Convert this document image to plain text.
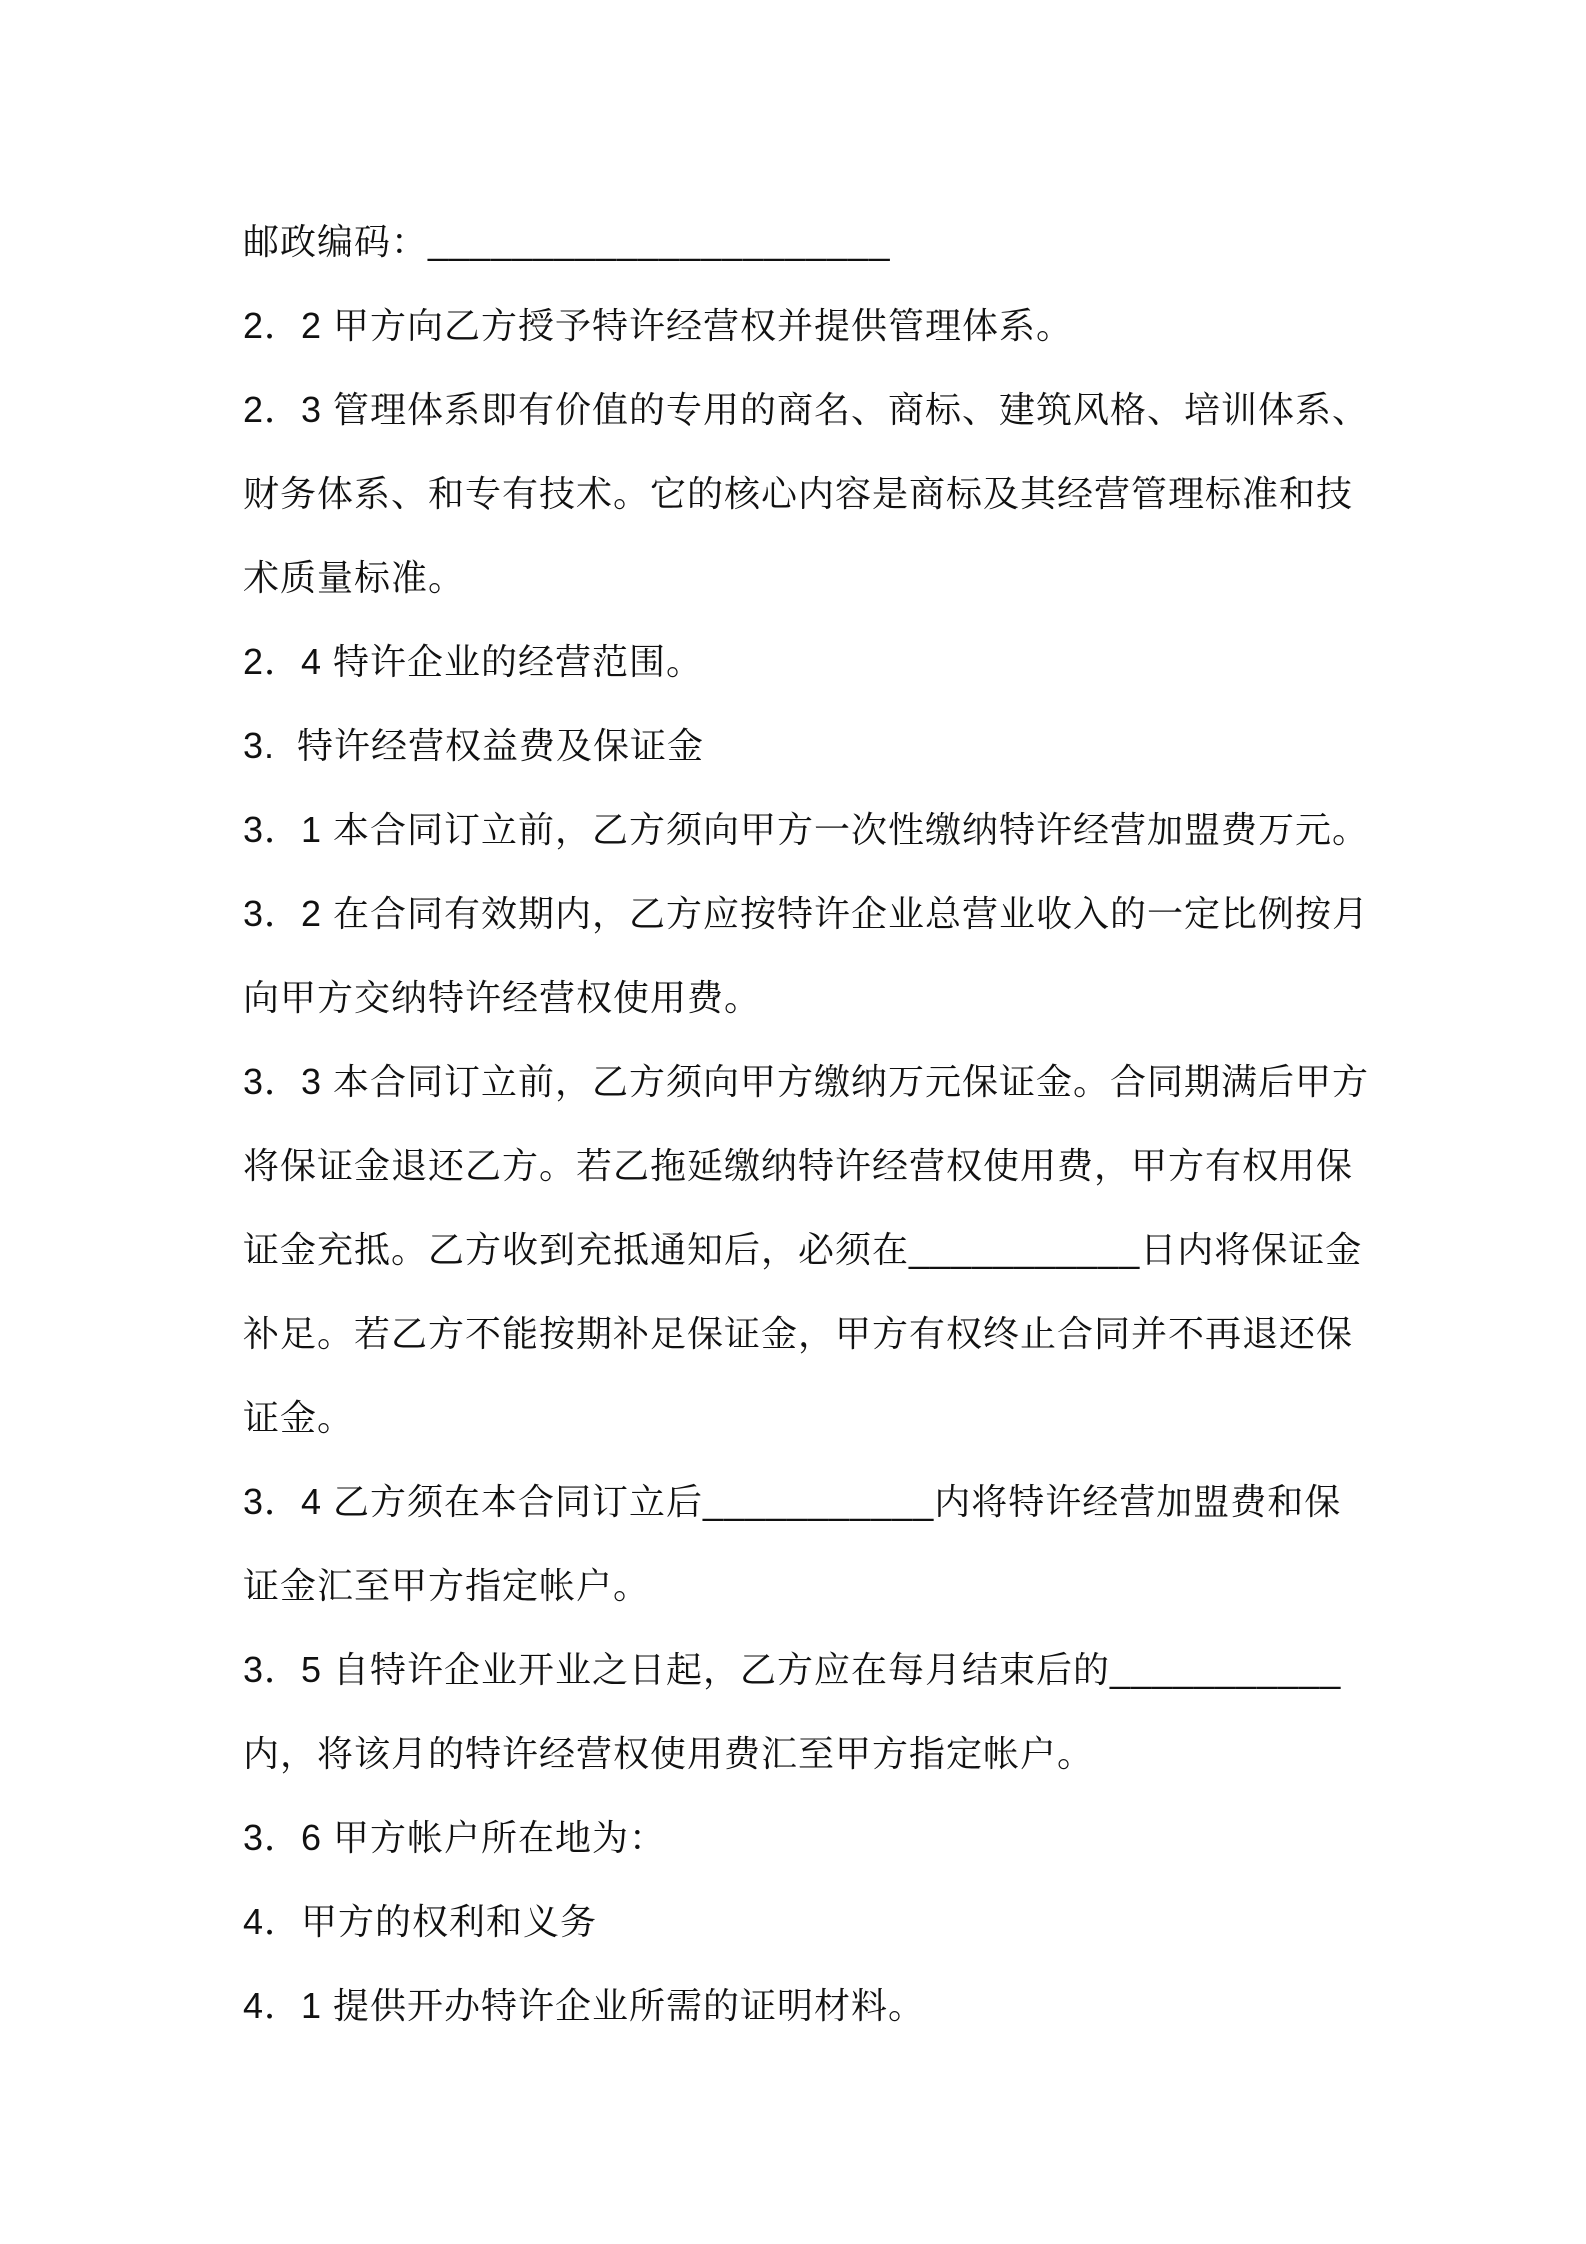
邮政编码：______________________

2．2 甲方向乙方授予特许经营权并提供管理体系。

2．3 管理体系即有价值的专用的商名、商标、建筑风格、培训体系、财务体系、和专有技术。它的核心内容是商标及其经营管理标准和技术质量标准。

2．4 特许企业的经营范围。

3.  特许经营权益费及保证金

3．1 本合同订立前，乙方须向甲方一次性缴纳特许经营加盟费万元。

3．2 在合同有效期内，乙方应按特许企业总营业收入的一定比例按月向甲方交纳特许经营权使用费。

3．3 本合同订立前，乙方须向甲方缴纳万元保证金。合同期满后甲方将保证金退还乙方。若乙拖延缴纳特许经营权使用费，甲方有权用保证金充抵。乙方收到充抵通知后，必须在___________日内将保证金补足。若乙方不能按期补足保证金，甲方有权终止合同并不再退还保证金。

3．4 乙方须在本合同订立后___________内将特许经营加盟费和保证金汇至甲方指定帐户。

3．5 自特许企业开业之日起，乙方应在每月结束后的___________内，将该月的特许经营权使用费汇至甲方指定帐户。

3．6 甲方帐户所在地为：

4．甲方的权利和义务

4．1 提供开办特许企业所需的证明材料。
